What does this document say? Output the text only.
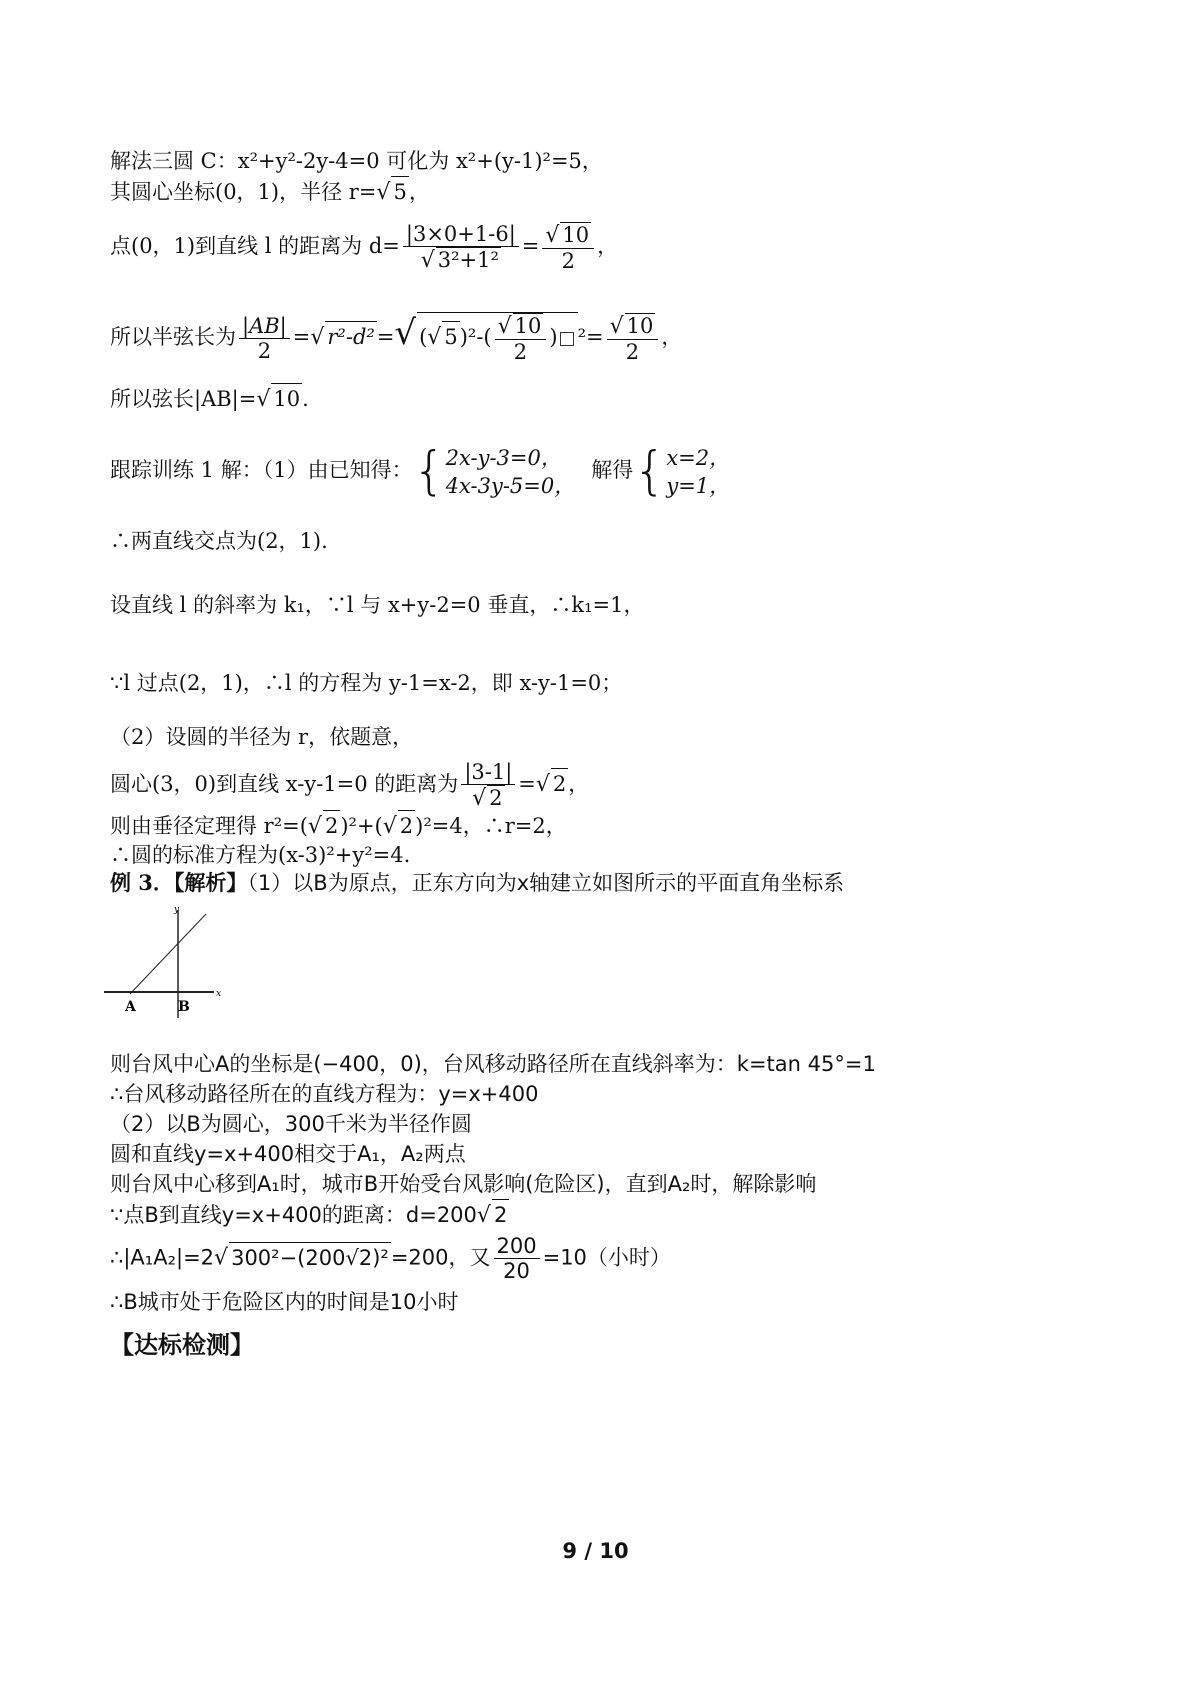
解法三圆 C：x²+y²-2y-4=0 可化为 x²+(y-1)²=5，
其圆心坐标(0，1)，半径 r=√ 5，
点(0，1)到直线 l 的距离为 $d= \frac{|3\times 0+1-6|}{\text{√ 3²+1²}} = \frac{√ 10}{2}$ ，
所以半弦长为 $\frac{|AB|}{2}$ =√ r²-d²=√ (√ $5)^2-( \frac{√ 10}{2}$ ) $^2= \frac{√ 10}{2}$ ，
所以弦长|AB|=√ 10.
跟踪训练 1 解：（1）由已知得：{ 2x-y-3=0，
4x-3y-5=0，
解得{ x=2，
y=1，
∴两直线交点为(2，1).
设直线 l 的斜率为 k₁，∵l 与 x+y-2=0 垂直，∴k₁=1，
∵l 过点(2，1)，∴l 的方程为 y-1=x-2，即 x-y-1=0；
（2）设圆的半径为 r，依题意，
圆心(3，0)到直线 x-y-1=0 的距离为 $\frac{|3-1|}{√ 2}$ =√ 2，
则由垂径定理得 r²=(√ 2)²+(√ 2)²=4，∴r=2，
∴圆的标准方程为(x-3)²+y²=4.
例 3．【解析】（1）以B为原点，正东方向为x轴建立如图所示的平面直角坐标系
x
y
A	B
则台风中心A的坐标是(−400，0)，台风移动路径所在直线斜率为：k=tan 45°=1
∴台风移动路径所在的直线方程为：y=x+400
（2）以B为圆心，300千米为半径作圆
圆和直线y=x+400相交于A₁，A₂两点
则台风中心移到A₁时，城市B开始受台风影响(危险区)，直到A₂时，解除影响
∵点B到直线y=x+400的距离：d=200√ 2
∴|A₁A₂|=2√ 300²−(200√2)²=200，又 $\frac{200}{20} =10$（小时）
∴B城市处于危险区内的时间是10小时
【达标检测】
9 / 10
